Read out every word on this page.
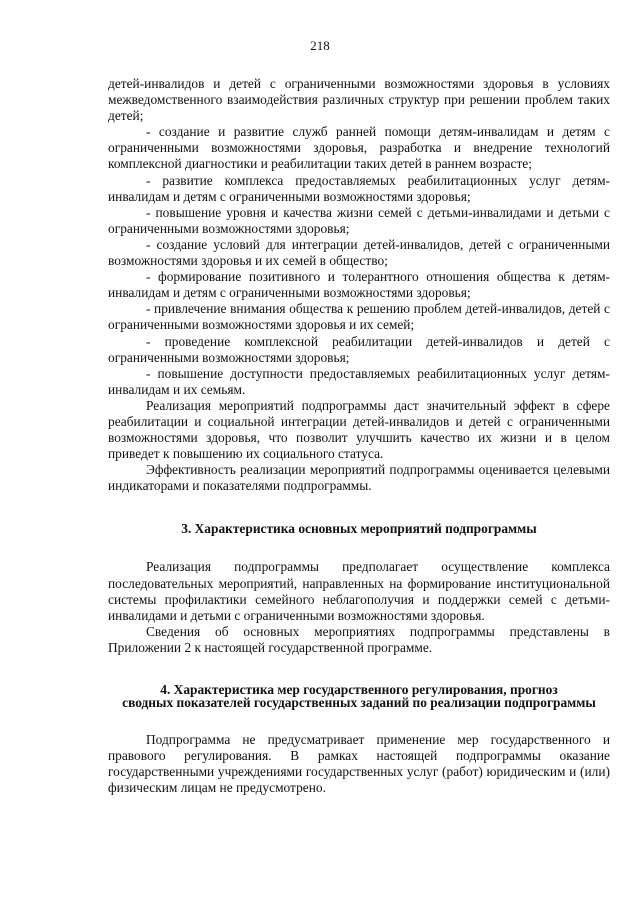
218

детей-инвалидов и детей с ограниченными возможностями здоровья в условиях межведомственного взаимодействия различных структур при решении проблем таких детей;

- создание и развитие служб ранней помощи детям-инвалидам и детям с ограниченными возможностями здоровья, разработка и внедрение технологий комплексной диагностики и реабилитации таких детей в раннем возрасте;

- развитие комплекса предоставляемых реабилитационных услуг детям-инвалидам и детям с ограниченными возможностями здоровья;

- повышение уровня и качества жизни семей с детьми-инвалидами и детьми с ограниченными возможностями здоровья;

- создание условий для интеграции детей-инвалидов, детей с ограниченными возможностями здоровья и их семей в общество;

- формирование позитивного и толерантного отношения общества к детям-инвалидам и детям с ограниченными возможностями здоровья;

- привлечение внимания общества к решению проблем детей-инвалидов, детей с ограниченными возможностями здоровья и их семей;

- проведение комплексной реабилитации детей-инвалидов и детей с ограниченными возможностями здоровья;

- повышение доступности предоставляемых реабилитационных услуг детям-инвалидам и их семьям.

Реализация мероприятий подпрограммы даст значительный эффект в сфере реабилитации и социальной интеграции детей-инвалидов и детей с ограниченными возможностями здоровья, что позволит улучшить качество их жизни и в целом приведет к повышению их социального статуса.

Эффективность реализации мероприятий подпрограммы оценивается целевыми индикаторами и показателями подпрограммы.

3. Характеристика основных мероприятий подпрограммы

Реализация подпрограммы предполагает осуществление комплекса последовательных мероприятий, направленных на формирование институциональной системы профилактики семейного неблагополучия и поддержки семей с детьми-инвалидами и детьми с ограниченными возможностями здоровья.

Сведения об основных мероприятиях подпрограммы представлены в Приложении 2 к настоящей государственной программе.

4. Характеристика мер государственного регулирования, прогноз

сводных показателей государственных заданий по реализации подпрограммы

Подпрограмма не предусматривает применение мер государственного и правового регулирования. В рамках настоящей подпрограммы оказание государственными учреждениями государственных услуг (работ) юридическим и (или) физическим лицам не предусмотрено.
